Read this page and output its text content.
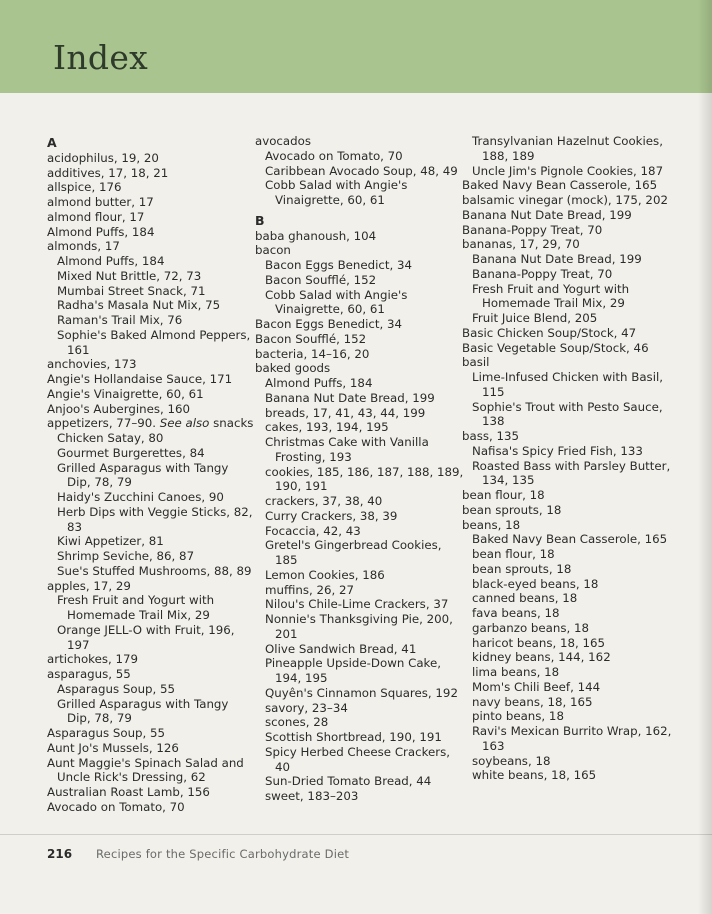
Index
A
acidophilus, 19, 20
additives, 17, 18, 21
allspice, 176
almond butter, 17
almond flour, 17
Almond Puffs, 184
almonds, 17
Almond Puffs, 184
Mixed Nut Brittle, 72, 73
Mumbai Street Snack, 71
Radha's Masala Nut Mix, 75
Raman's Trail Mix, 76
Sophie's Baked Almond Peppers,
161
anchovies, 173
Angie's Hollandaise Sauce, 171
Angie's Vinaigrette, 60, 61
Anjoo's Aubergines, 160
appetizers, 77–90. See also snacks
Chicken Satay, 80
Gourmet Burgerettes, 84
Grilled Asparagus with Tangy
Dip, 78, 79
Haidy's Zucchini Canoes, 90
Herb Dips with Veggie Sticks, 82,
83
Kiwi Appetizer, 81
Shrimp Seviche, 86, 87
Sue's Stuffed Mushrooms, 88, 89
apples, 17, 29
Fresh Fruit and Yogurt with
Homemade Trail Mix, 29
Orange JELL-O with Fruit, 196,
197
artichokes, 179
asparagus, 55
Asparagus Soup, 55
Grilled Asparagus with Tangy
Dip, 78, 79
Asparagus Soup, 55
Aunt Jo's Mussels, 126
Aunt Maggie's Spinach Salad and
Uncle Rick's Dressing, 62
Australian Roast Lamb, 156
Avocado on Tomato, 70
avocados
Avocado on Tomato, 70
Caribbean Avocado Soup, 48, 49
Cobb Salad with Angie's
Vinaigrette, 60, 61
B
baba ghanoush, 104
bacon
Bacon Eggs Benedict, 34
Bacon Soufflé, 152
Cobb Salad with Angie's
Vinaigrette, 60, 61
Bacon Eggs Benedict, 34
Bacon Soufflé, 152
bacteria, 14–16, 20
baked goods
Almond Puffs, 184
Banana Nut Date Bread, 199
breads, 17, 41, 43, 44, 199
cakes, 193, 194, 195
Christmas Cake with Vanilla
Frosting, 193
cookies, 185, 186, 187, 188, 189,
190, 191
crackers, 37, 38, 40
Curry Crackers, 38, 39
Focaccia, 42, 43
Gretel's Gingerbread Cookies,
185
Lemon Cookies, 186
muffins, 26, 27
Nilou's Chile-Lime Crackers, 37
Nonnie's Thanksgiving Pie, 200,
201
Olive Sandwich Bread, 41
Pineapple Upside-Down Cake,
194, 195
Quyên's Cinnamon Squares, 192
savory, 23–34
scones, 28
Scottish Shortbread, 190, 191
Spicy Herbed Cheese Crackers,
40
Sun-Dried Tomato Bread, 44
sweet, 183–203
Transylvanian Hazelnut Cookies,
188, 189
Uncle Jim's Pignole Cookies, 187
Baked Navy Bean Casserole, 165
balsamic vinegar (mock), 175, 202
Banana Nut Date Bread, 199
Banana-Poppy Treat, 70
bananas, 17, 29, 70
Banana Nut Date Bread, 199
Banana-Poppy Treat, 70
Fresh Fruit and Yogurt with
Homemade Trail Mix, 29
Fruit Juice Blend, 205
Basic Chicken Soup/Stock, 47
Basic Vegetable Soup/Stock, 46
basil
Lime-Infused Chicken with Basil,
115
Sophie's Trout with Pesto Sauce,
138
bass, 135
Nafisa's Spicy Fried Fish, 133
Roasted Bass with Parsley Butter,
134, 135
bean flour, 18
bean sprouts, 18
beans, 18
Baked Navy Bean Casserole, 165
bean flour, 18
bean sprouts, 18
black-eyed beans, 18
canned beans, 18
fava beans, 18
garbanzo beans, 18
haricot beans, 18, 165
kidney beans, 144, 162
lima beans, 18
Mom's Chili Beef, 144
navy beans, 18, 165
pinto beans, 18
Ravi's Mexican Burrito Wrap, 162,
163
soybeans, 18
white beans, 18, 165
216 Recipes for the Specific Carbohydrate Diet
